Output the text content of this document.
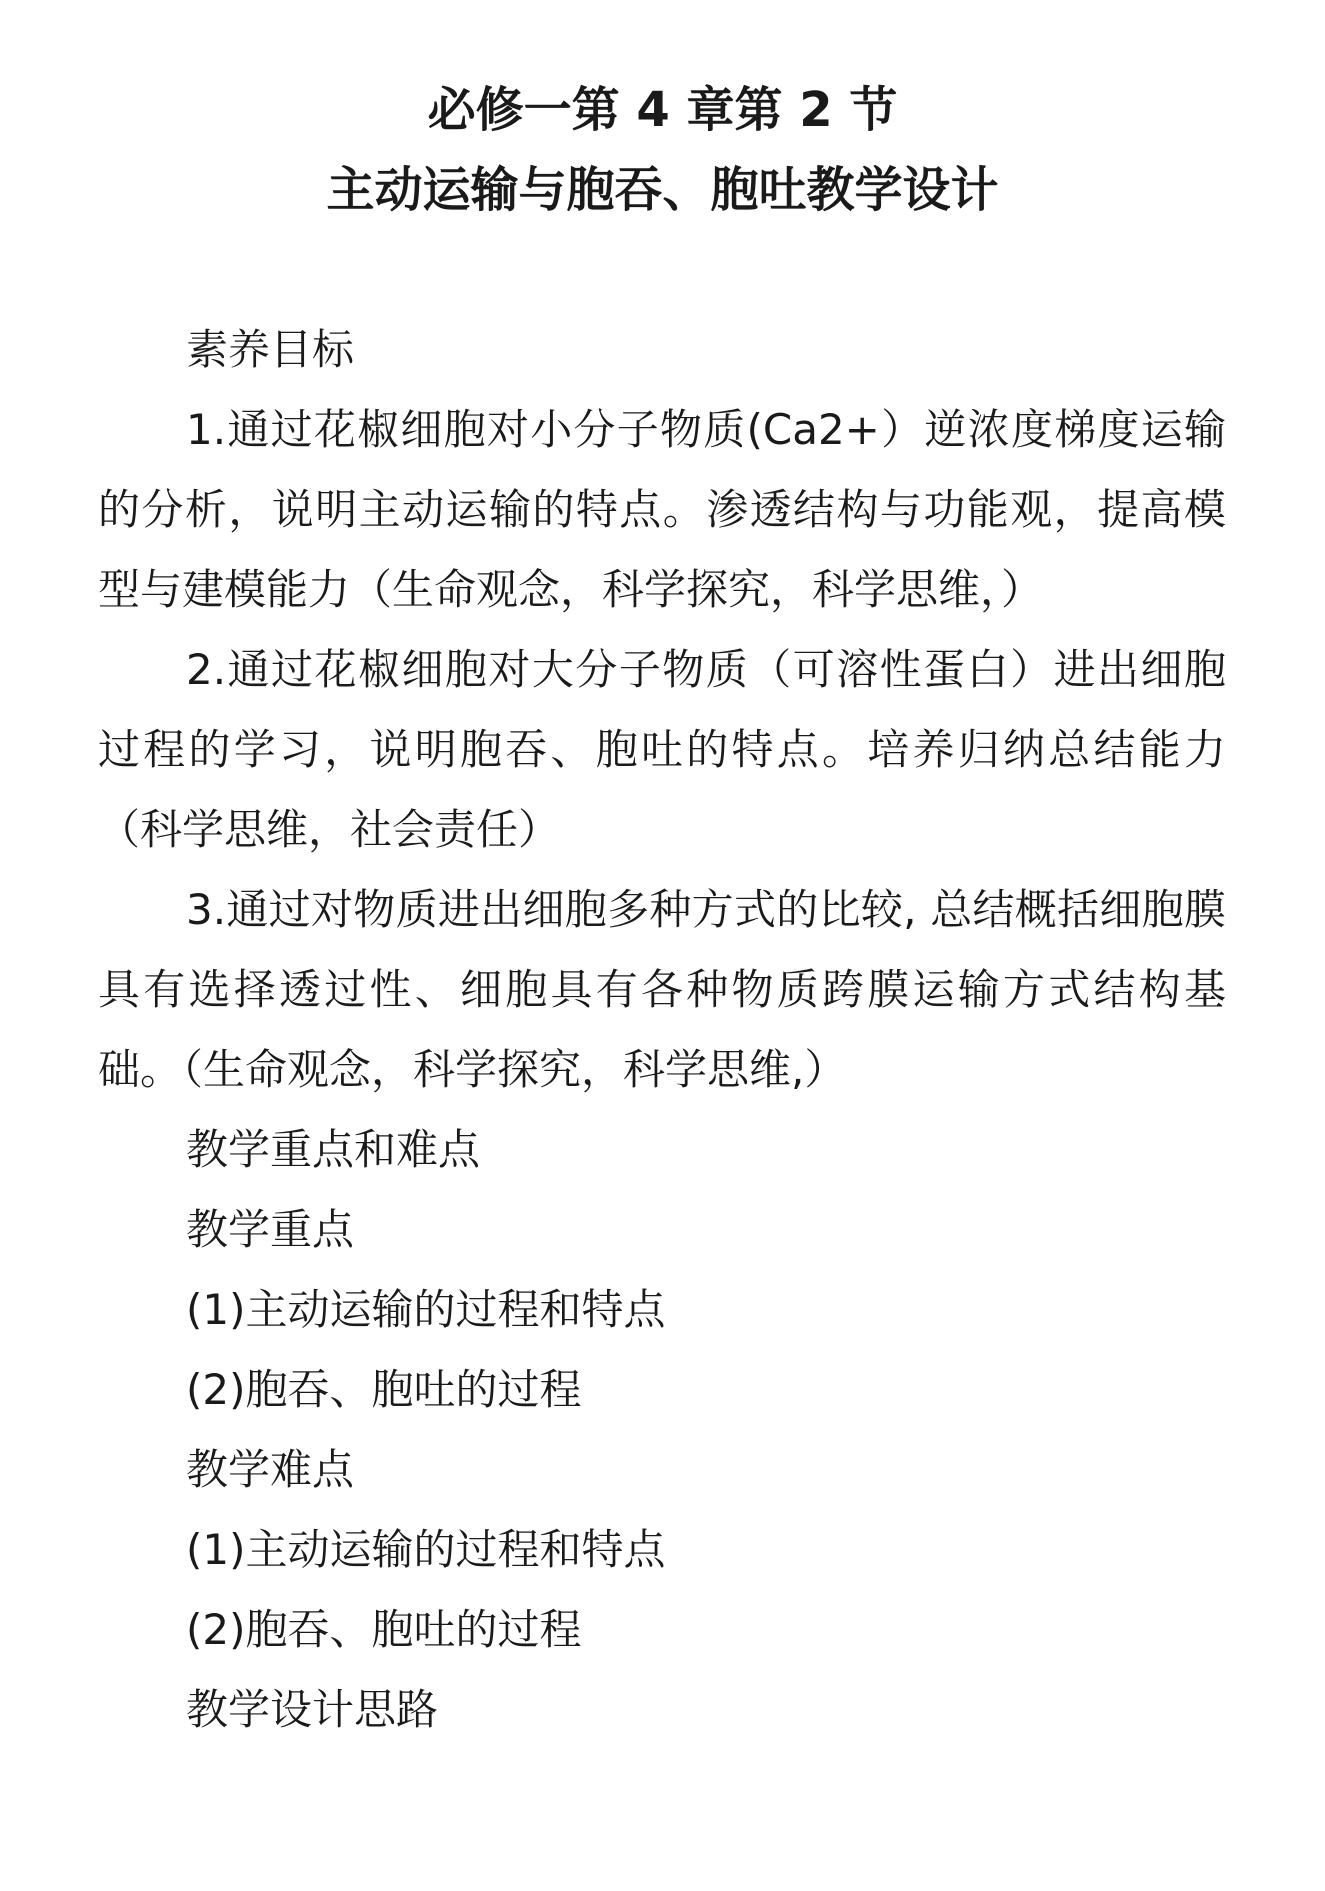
必修一第 4 章第 2 节
主动运输与胞吞、胞吐教学设计

素养目标

1.通过花椒细胞对小分子物质(Ca2+）逆浓度梯度运输的分析，说明主动运输的特点。渗透结构与功能观，提高模型与建模能力（生命观念，科学探究，科学思维，）

2.通过花椒细胞对大分子物质（可溶性蛋白）进出细胞过程的学习，说明胞吞、胞吐的特点。培养归纳总结能力（科学思维，社会责任）

3.通过对物质进出细胞多种方式的比较, 总结概括细胞膜具有选择透过性、细胞具有各种物质跨膜运输方式结构基础。（生命观念，科学探究，科学思维,）

教学重点和难点

教学重点

(1)主动运输的过程和特点

(2)胞吞、胞吐的过程

教学难点

(1)主动运输的过程和特点

(2)胞吞、胞吐的过程

教学设计思路
